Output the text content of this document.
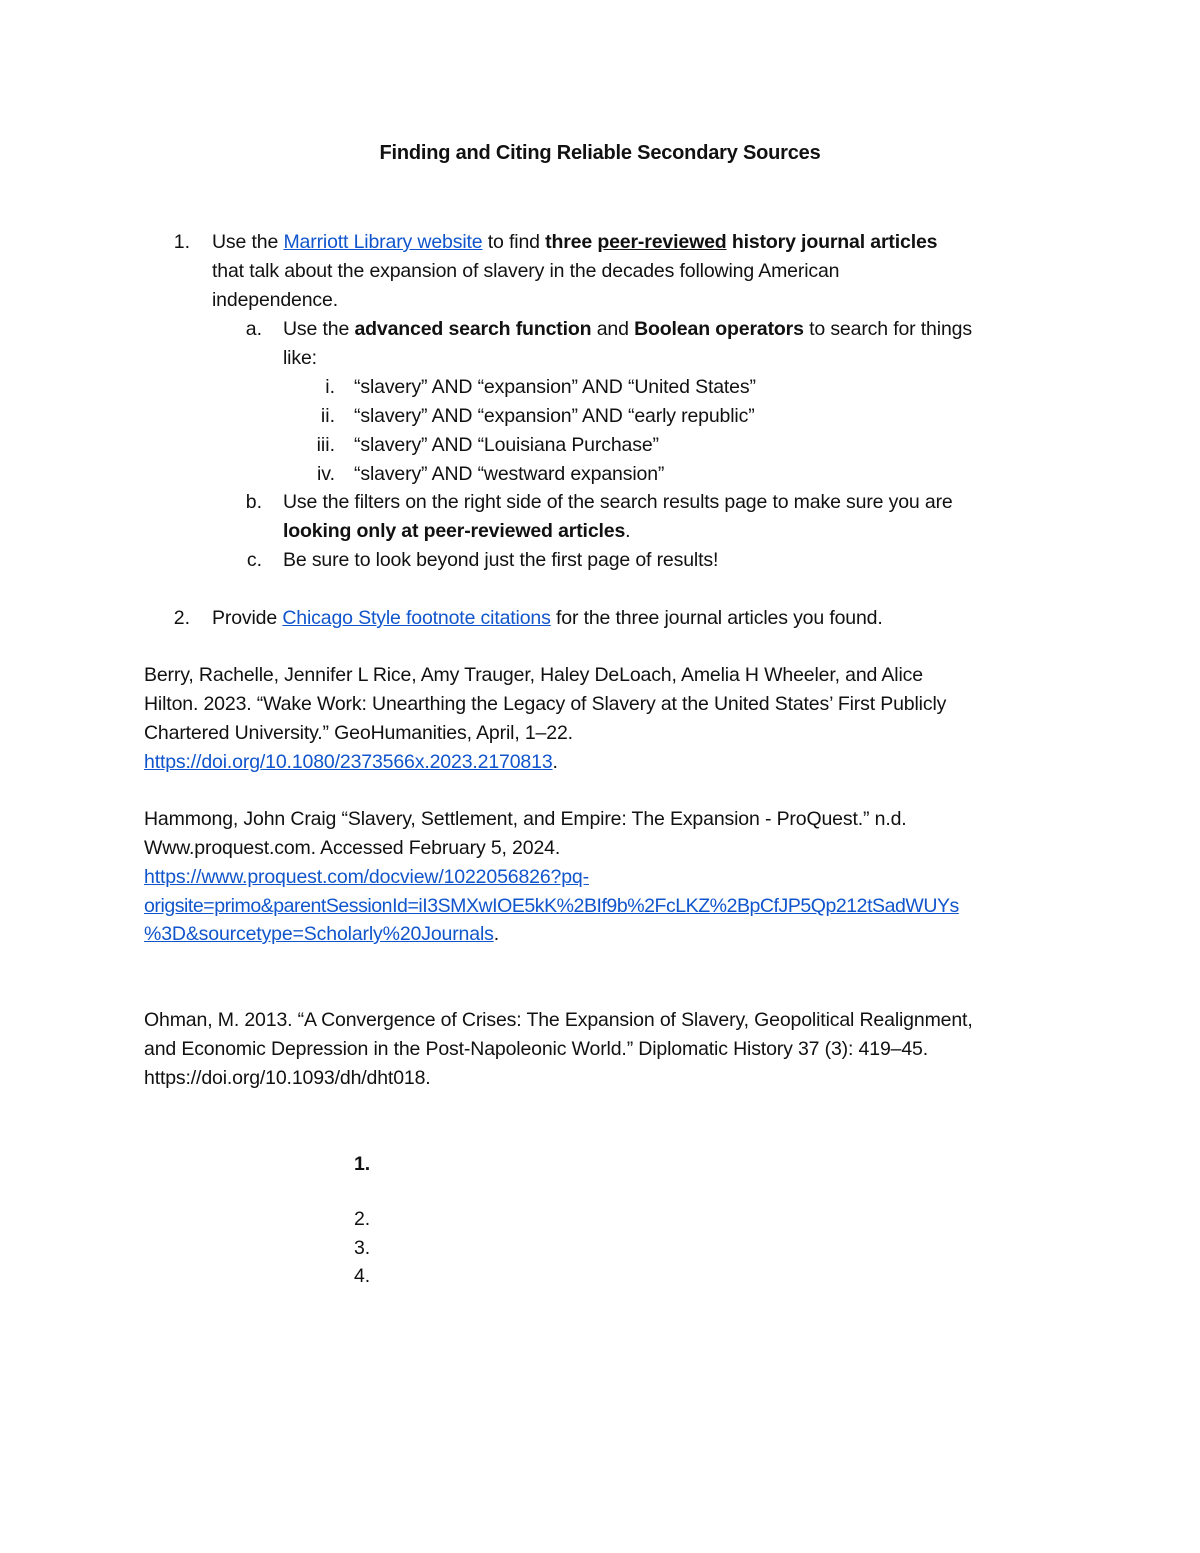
Finding and Citing Reliable Secondary Sources
1. Use the Marriott Library website to find three peer-reviewed history journal articles
that talk about the expansion of slavery in the decades following American
independence.
a. Use the advanced search function and Boolean operators to search for things
like:
i. “slavery” AND “expansion” AND “United States”
ii. “slavery” AND “expansion” AND “early republic”
iii. “slavery” AND “Louisiana Purchase”
iv. “slavery” AND “westward expansion”
b. Use the filters on the right side of the search results page to make sure you are
looking only at peer-reviewed articles.
c. Be sure to look beyond just the first page of results!
2. Provide Chicago Style footnote citations for the three journal articles you found.
Berry, Rachelle, Jennifer L Rice, Amy Trauger, Haley DeLoach, Amelia H Wheeler, and Alice
Hilton. 2023. “Wake Work: Unearthing the Legacy of Slavery at the United States’ First Publicly
Chartered University.” GeoHumanities, April, 1–22.
https://doi.org/10.1080/2373566x.2023.2170813.
Hammong, John Craig “Slavery, Settlement, and Empire: The Expansion - ProQuest.” n.d.
Www.proquest.com. Accessed February 5, 2024.
https://www.proquest.com/docview/1022056826?pq-
origsite=primo&parentSessionId=iI3SMXwIOE5kK%2BIf9b%2FcLKZ%2BpCfJP5Qp212tSadWUYs
%3D&sourcetype=Scholarly%20Journals.
Ohman, M. 2013. “A Convergence of Crises: The Expansion of Slavery, Geopolitical Realignment,
and Economic Depression in the Post-Napoleonic World.” Diplomatic History 37 (3): 419–45.
https://doi.org/10.1093/dh/dht018.
1.
2.
3.
4.
